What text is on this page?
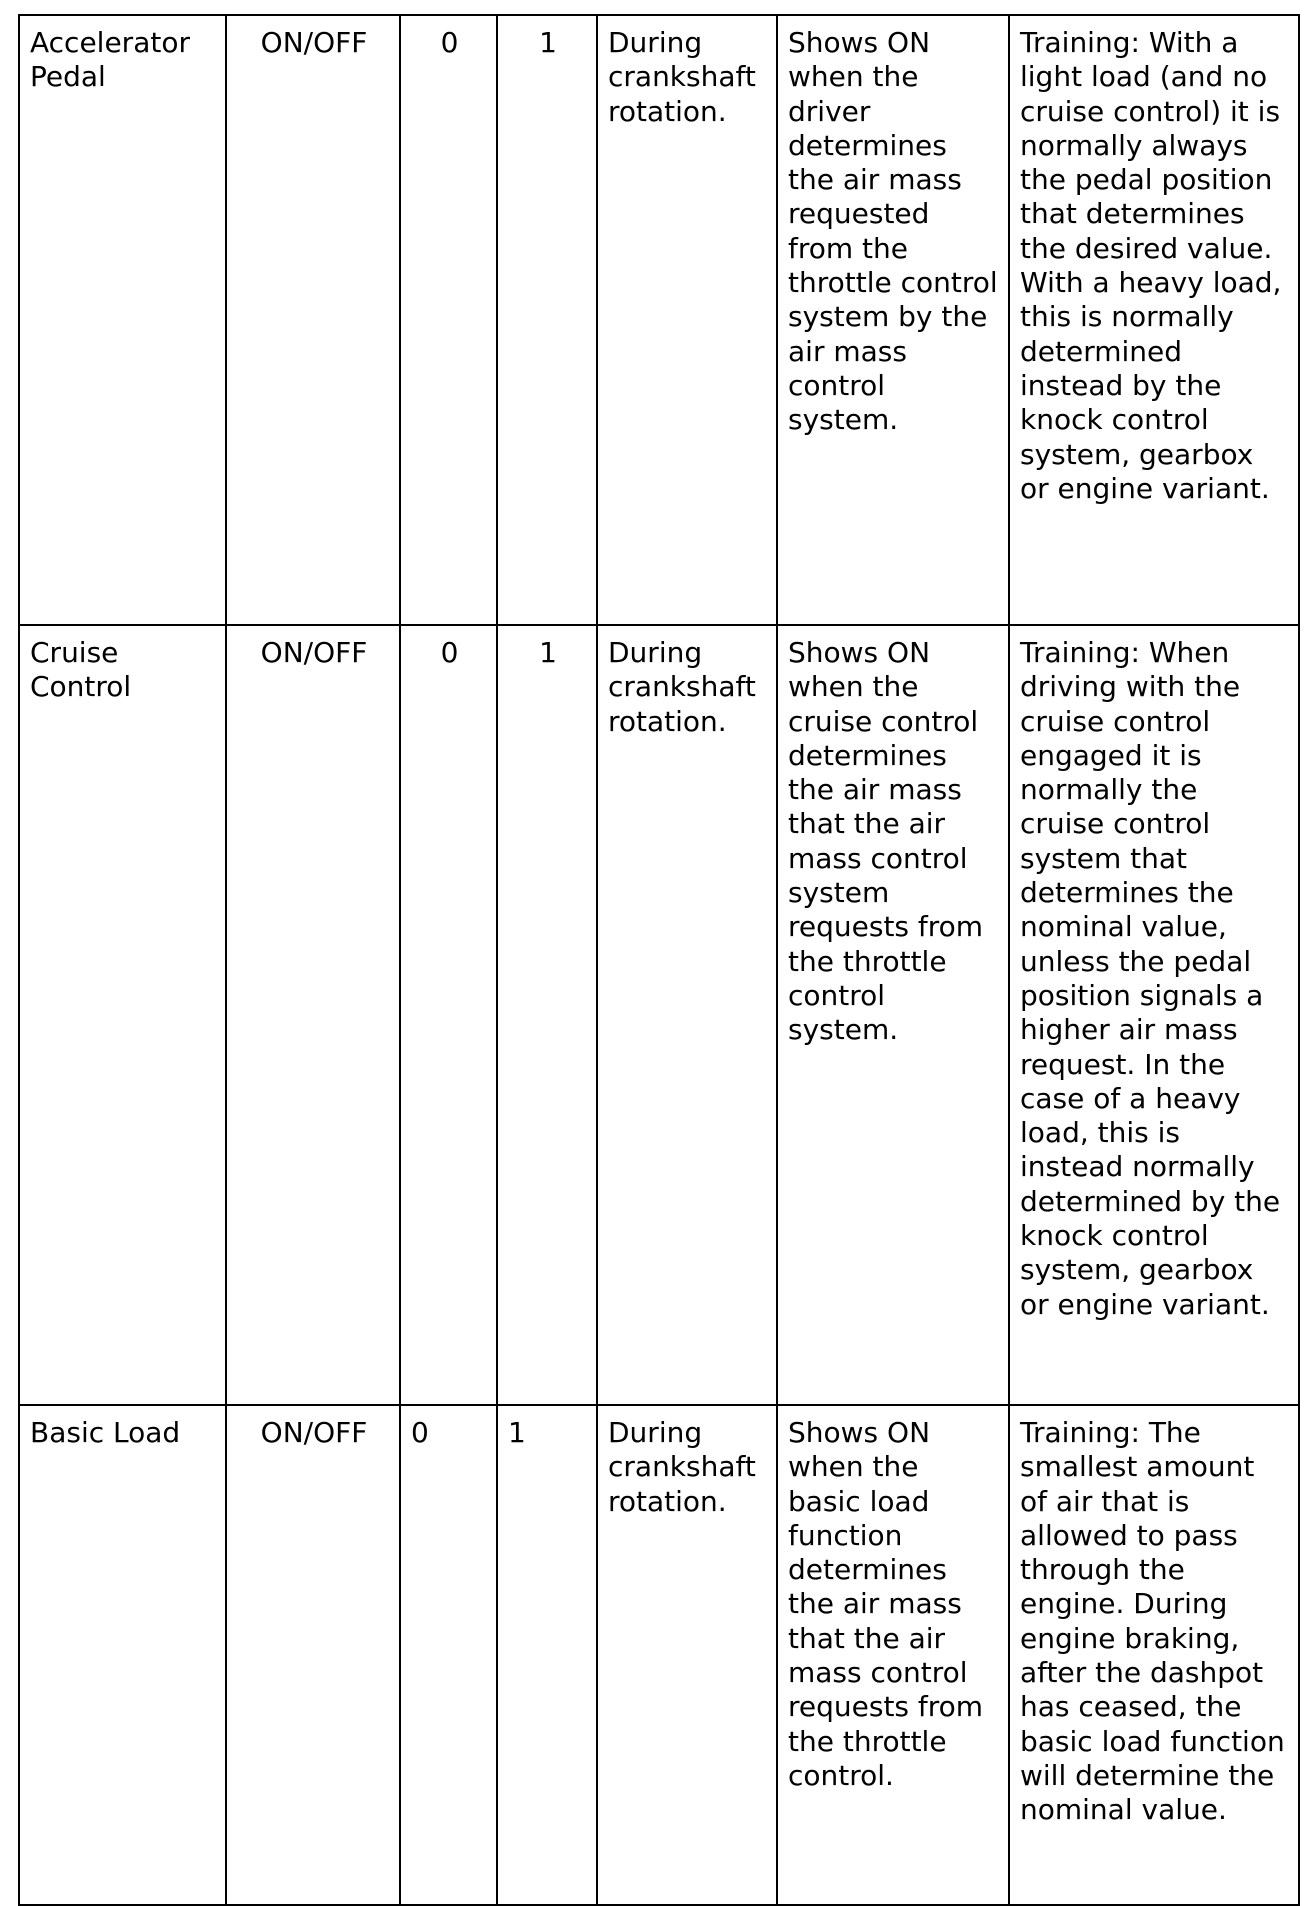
Accelerator Pedal	ON/OFF	0	1	During crankshaft rotation.	Shows ON when the driver determines the air mass requested from the throttle control system by the air mass control system.	Training: With a light load (and no cruise control) it is normally always the pedal position that determines the desired value. With a heavy load, this is normally determined instead by the knock control system, gearbox or engine variant.
Cruise Control	ON/OFF	0	1	During crankshaft rotation.	Shows ON when the cruise control determines the air mass that the air mass control system requests from the throttle control system.	Training: When driving with the cruise control engaged it is normally the cruise control system that determines the nominal value, unless the pedal position signals a higher air mass request. In the case of a heavy load, this is instead normally determined by the knock control system, gearbox or engine variant.
Basic Load	ON/OFF	0	1	During crankshaft rotation.	Shows ON when the basic load function determines the air mass that the air mass control requests from the throttle control.	Training: The smallest amount of air that is allowed to pass through the engine. During engine braking, after the dashpot has ceased, the basic load function will determine the nominal value.
